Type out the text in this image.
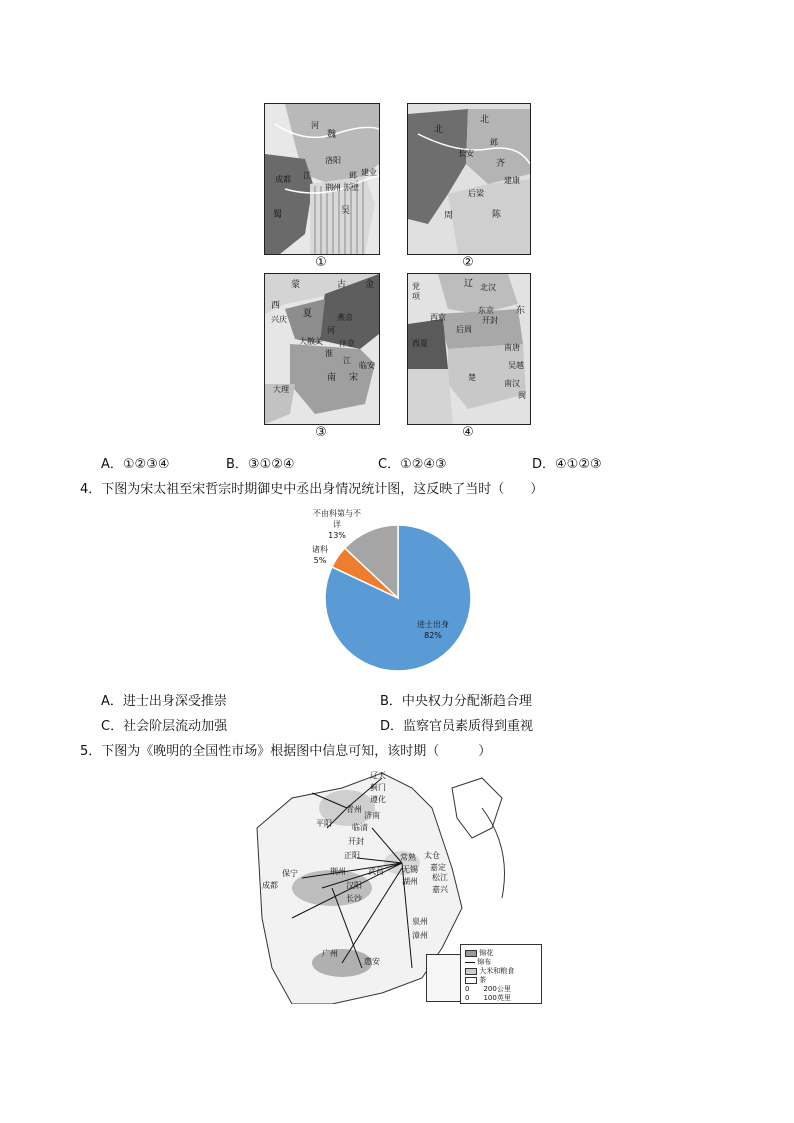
魏
蜀	吴
成都
洛阳
建业
荆州 赤壁
江
河
邺
①
北
齐
周	陈
长安
邺
建康
后梁
北
②
蒙	古 金
西
夏
兴庆	燕京
汴京
大理
南 宋
临安
大散关
淮
江
河
③
党
项
辽
西京
东京
后周
南汉
北汉
吴越
楚
南唐
闽
西夏
东
开封
④
A．①②③④	B．③①②④	C．①②④③	D．④①②③
4．下图为宋太祖至宋哲宗时期御史中丞出身情况统计图，这反映了当时（　　）
不由科第与不
详
13%
诸科
5%
进士出身
82%
A．进士出身深受推崇	B．中央权力分配渐趋合理
C．社会阶层流动加强	D．监察官员素质得到重视
5．下图为《晚明的全国性市场》根据图中信息可知，该时期（　　　）
辽天
蓟门
遵化
青州
济南
平阳	临清
开封
保宁
成都
正阳
汉阳
荆州
长沙
武昌
常熟 太仓
无锡 嘉定
湖州 松江
嘉兴
泉州
漳州
惠安
广州	锦花
锦布
大米和粮食
茶
0　　200公里
0　　100英里
